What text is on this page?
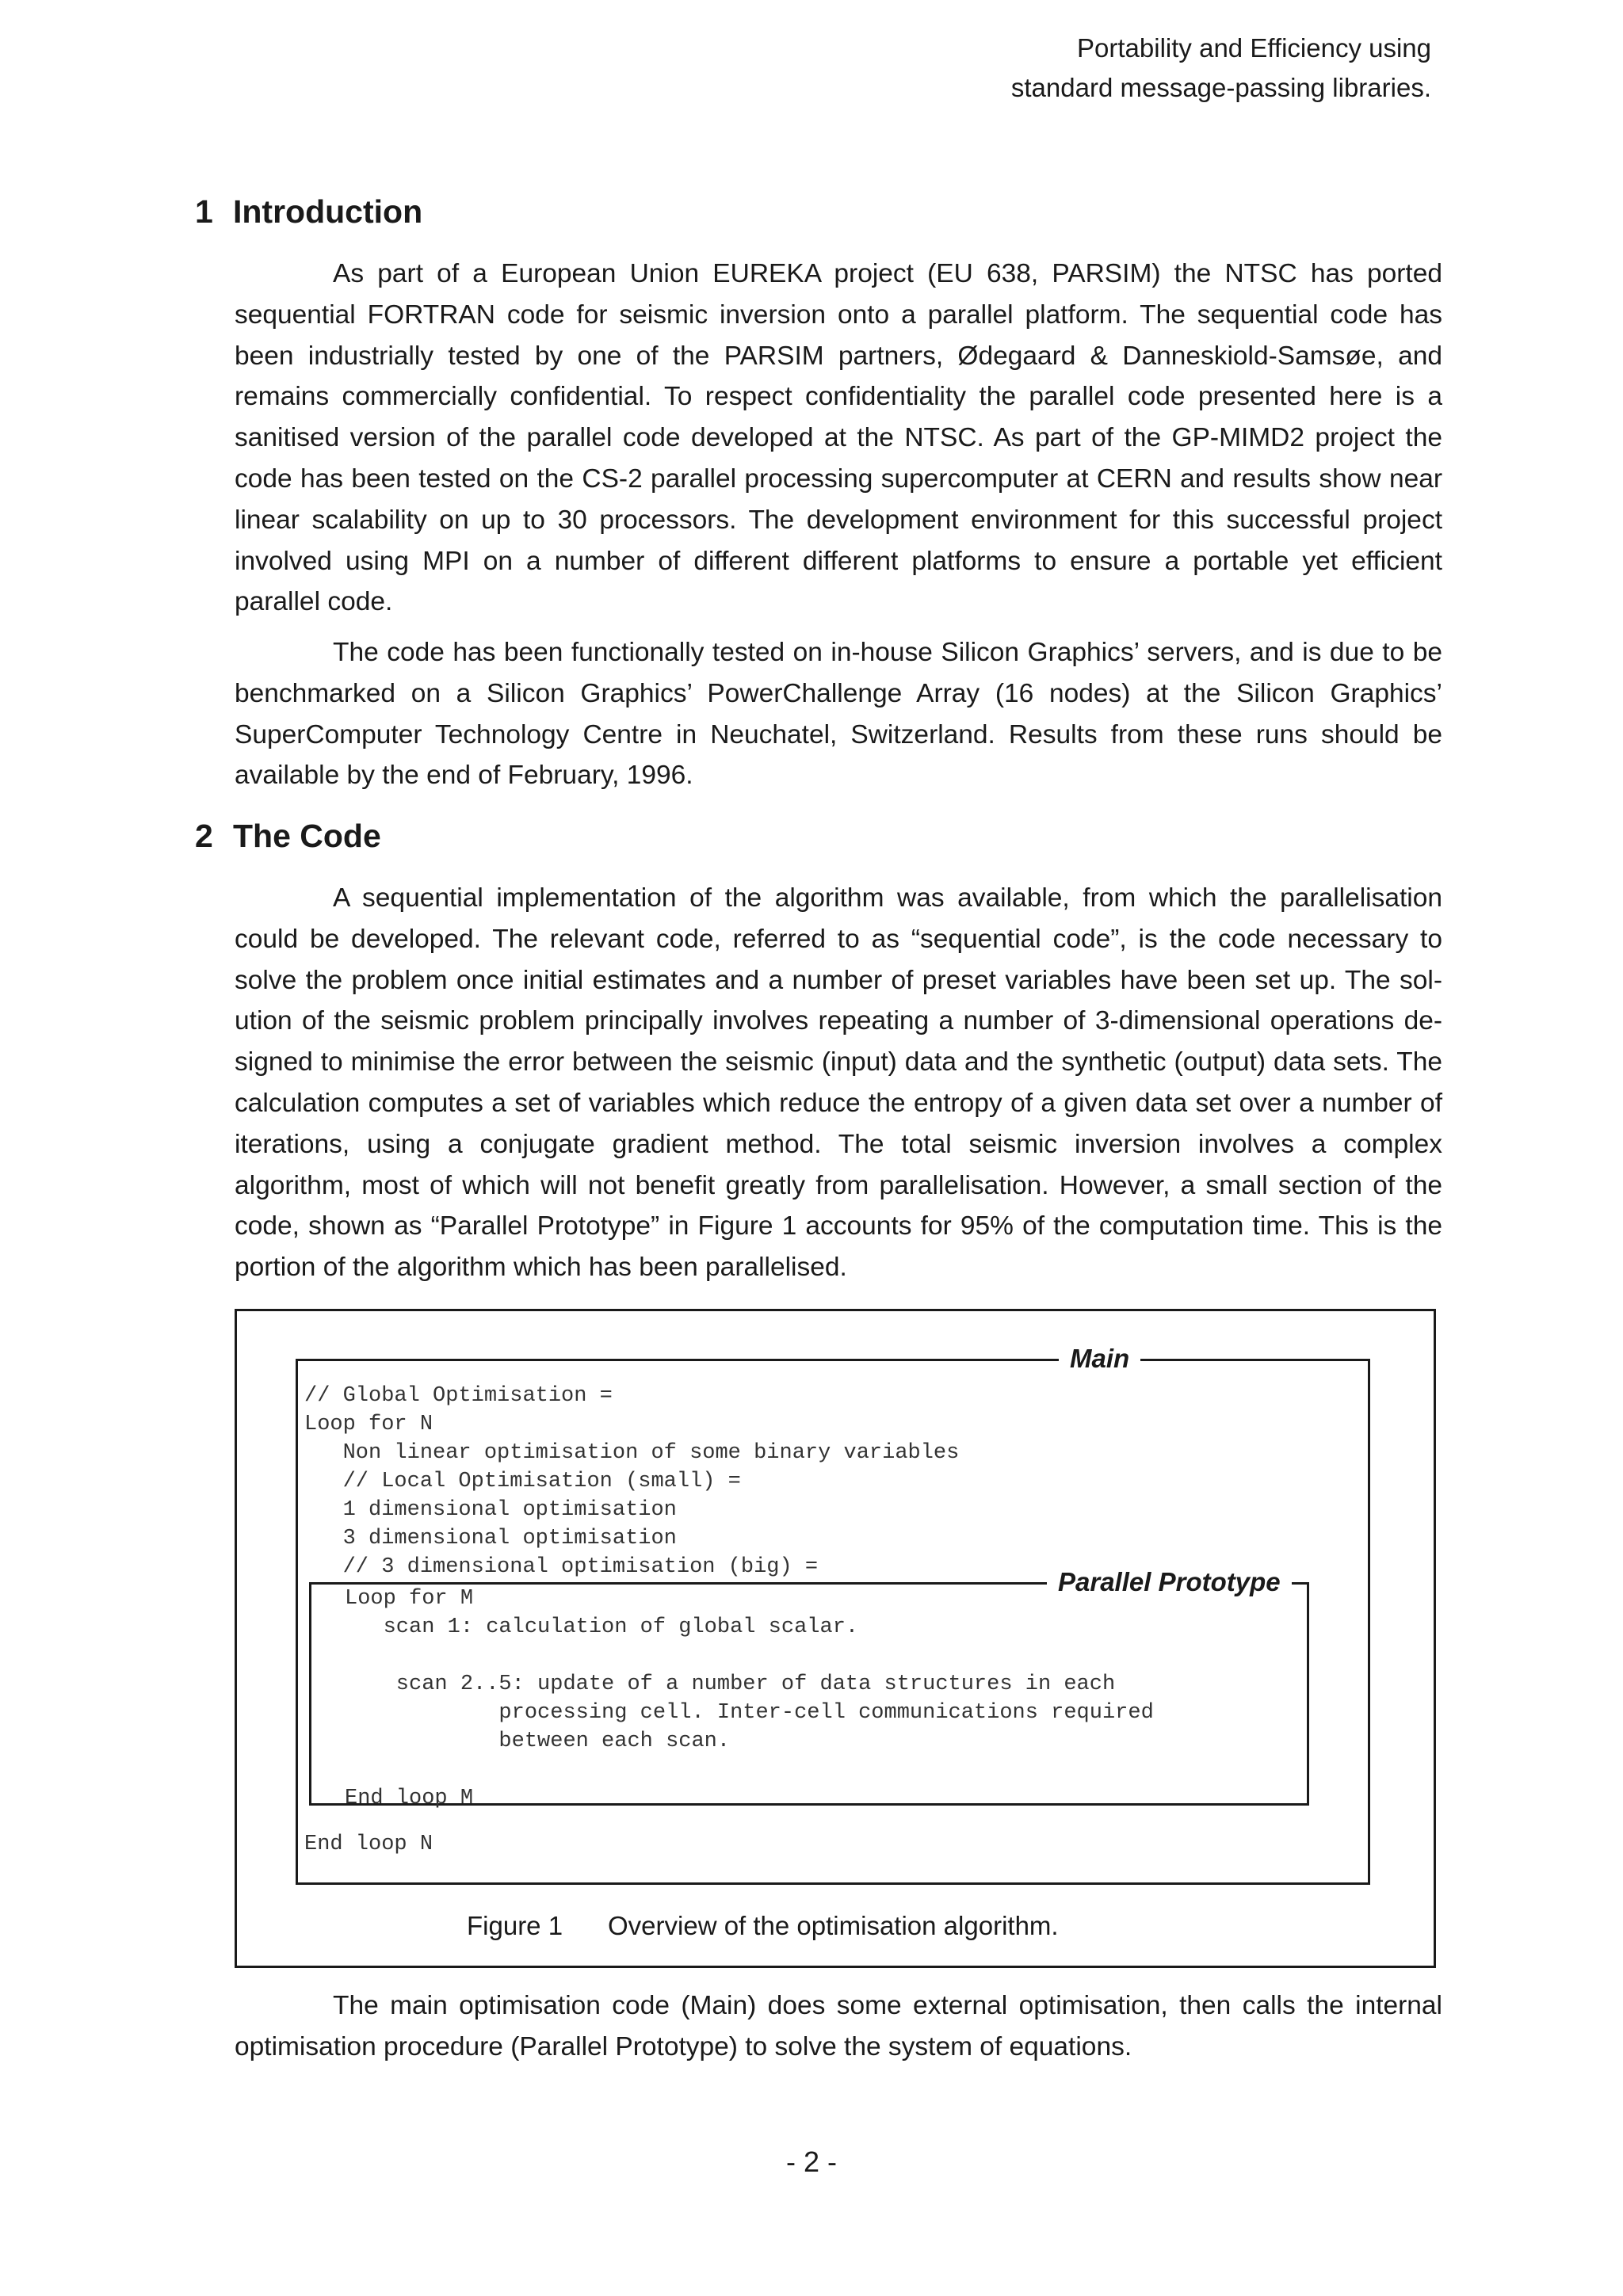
Portability and Efficiency using
standard message-passing libraries.
1 Introduction

As part of a European Union EUREKA project (EU 638, PARSIM) the NTSC has ported sequential FORTRAN code for seismic inversion onto a parallel platform. The sequential code has been industrially tested by one of the PARSIM partners, Ødegaard & Danneskiold-Samsøe, and remains commercially confidential. To respect confidentiality the parallel code presented here is a sanitised version of the parallel code developed at the NTSC. As part of the GP-MIMD2 project the code has been tested on the CS-2 parallel processing supercomputer at CERN and results show near linear scalability on up to 30 processors. The development environment for this successful project involved using MPI on a number of different different platforms to ensure a portable yet efficient parallel code.

The code has been functionally tested on in-house Silicon Graphics’ servers, and is due to be benchmarked on a Silicon Graphics’ PowerChallenge Array (16 nodes) at the Silicon Graphics’ SuperComputer Technology Centre in Neuchatel, Switzerland. Results from these runs should be available by the end of February, 1996.

2 The Code

A sequential implementation of the algorithm was available, from which the parallelisation could be developed. The relevant code, referred to as “sequential code”, is the code necessary to solve the problem once initial estimates and a number of preset variables have been set up. The solution of the seismic problem principally involves repeating a number of 3-dimensional operations designed to minimise the error between the seismic (input) data and the synthetic (output) data sets. The calculation computes a set of variables which reduce the entropy of a given data set over a number of iterations, using a conjugate gradient method. The total seismic inversion involves a complex algorithm, most of which will not benefit greatly from parallelisation. However, a small section of the code, shown as “Parallel Prototype” in Figure 1 accounts for 95% of the computation time. This is the portion of the algorithm which has been parallelised.

Main
// Global Optimisation =
Loop for N
Non linear optimisation of some binary variables
// Local Optimisation (small) =
1 dimensional optimisation
3 dimensional optimisation
// 3 dimensional optimisation (big) =	Parallel Prototype
Loop for M
scan 1: calculation of global scalar.

scan 2..5: update of a number of data structures in each
processing cell. Inter-cell communications required
between each scan.

End loop M
End loop N
Figure 1 Overview of the optimisation algorithm.

The main optimisation code (Main) does some external optimisation, then calls the internal optimisation procedure (Parallel Prototype) to solve the system of equations.

- 2 -
